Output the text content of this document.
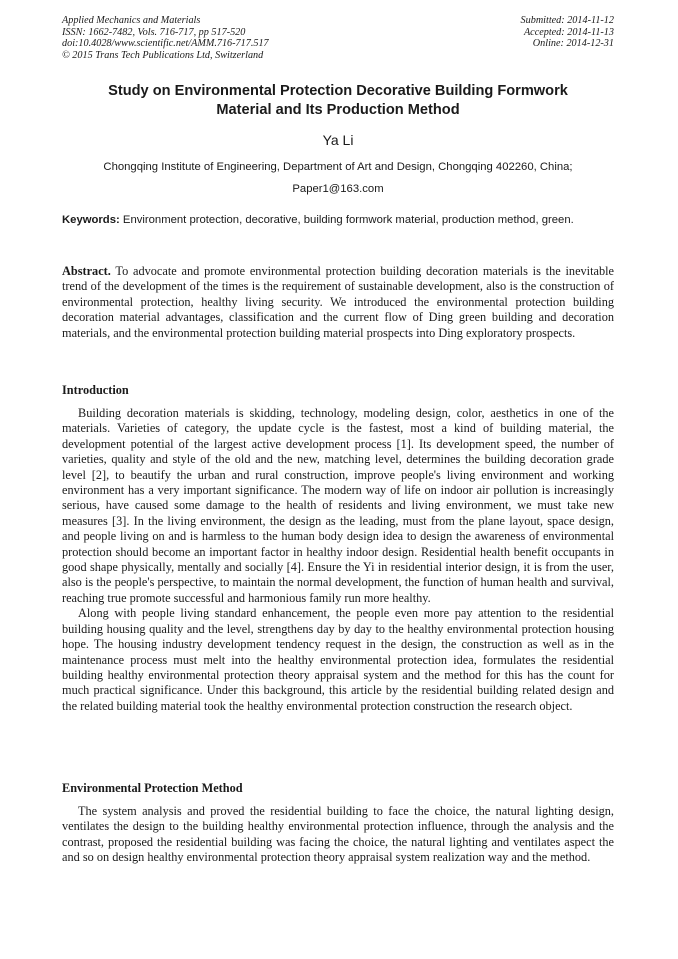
Applied Mechanics and Materials
ISSN: 1662-7482, Vols. 716-717, pp 517-520
doi:10.4028/www.scientific.net/AMM.716-717.517
© 2015 Trans Tech Publications Ltd, Switzerland
Submitted: 2014-11-12
Accepted: 2014-11-13
Online: 2014-12-31
Study on Environmental Protection Decorative Building Formwork
Material and Its Production Method
Ya Li
Chongqing Institute of Engineering, Department of Art and Design, Chongqing 402260, China;
Paper1@163.com
Keywords: Environment protection, decorative, building formwork material, production method, green.
Abstract. To advocate and promote environmental protection building decoration materials is the inevitable trend of the development of the times is the requirement of sustainable development, also is the construction of environmental protection, healthy living security. We introduced the environmental protection building decoration material advantages, classification and the current flow of Ding green building and decoration materials, and the environmental protection building material prospects into Ding exploratory prospects.
Introduction

Building decoration materials is skidding, technology, modeling design, color, aesthetics in one of the materials. Varieties of category, the update cycle is the fastest, most a kind of building material, the development potential of the largest active development process [1]. Its development speed, the number of varieties, quality and style of the old and the new, matching level, determines the building decoration grade level [2], to beautify the urban and rural construction, improve people's living environment and working environment has a very important significance. The modern way of life on indoor air pollution is increasingly serious, have caused some damage to the health of residents and living environment, we must take new measures [3]. In the living environment, the design as the leading, must from the plane layout, space design, and people living on and is harmless to the human body design idea to design the awareness of environmental protection should become an important factor in healthy indoor design. Residential health benefit occupants in good shape physically, mentally and socially [4]. Ensure the Yi in residential interior design, it is from the user, also is the people's perspective, to maintain the normal development, the function of human health and survival, reaching true promote successful and harmonious family run more healthy.

Along with people living standard enhancement, the people even more pay attention to the residential building housing quality and the level, strengthens day by day to the healthy environmental protection housing hope. The housing industry development tendency request in the design, the construction as well as in the maintenance process must melt into the healthy environmental protection idea, formulates the residential building healthy environmental protection theory appraisal system and the method for this has the count for much practical significance. Under this background, this article by the residential building related design and the related building material took the healthy environmental protection construction the research object.

Environmental Protection Method

The system analysis and proved the residential building to face the choice, the natural lighting design, ventilates the design to the building healthy environmental protection influence, through the analysis and the contrast, proposed the residential building was facing the choice, the natural lighting and ventilates aspect the and so on design healthy environmental protection theory appraisal system realization way and the method.
